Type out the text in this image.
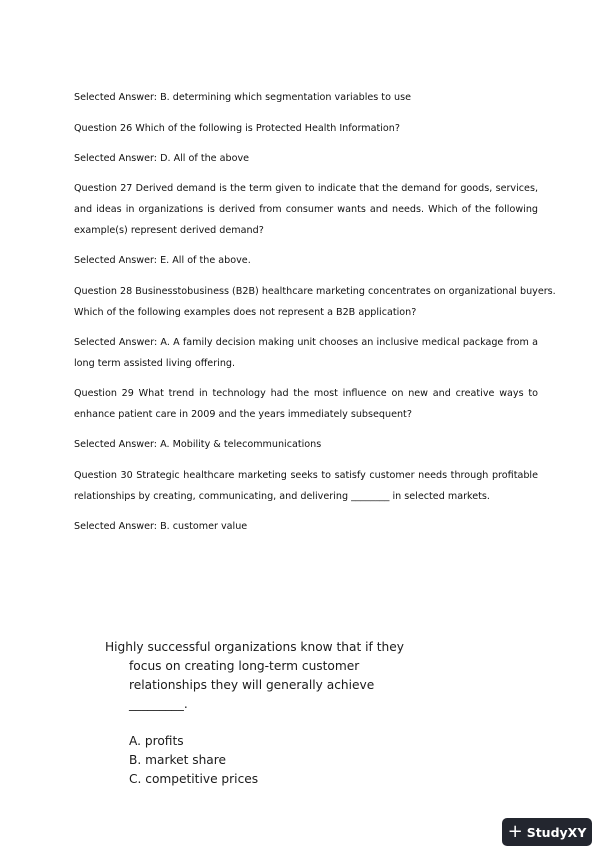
Selected Answer: B. determining which segmentation variables to use

Question 26 Which of the following is Protected Health Information?

Selected Answer: D. All of the above

Question 27 Derived demand is the term given to indicate that the demand for goods, services,
and ideas in organizations is derived from consumer wants and needs. Which of the following
example(s) represent derived demand?

Selected Answer: E. All of the above.

Question 28 Businesstobusiness (B2B) healthcare marketing concentrates on organizational buyers.
Which of the following examples does not represent a B2B application?

Selected Answer: A. A family decision making unit chooses an inclusive medical package from a
long term assisted living offering.

Question 29 What trend in technology had the most influence on new and creative ways to
enhance patient care in 2009 and the years immediately subsequent?

Selected Answer: A. Mobility & telecommunications

Question 30 Strategic healthcare marketing seeks to satisfy customer needs through profitable
relationships by creating, communicating, and delivering ________ in selected markets.

Selected Answer: B. customer value

Highly successful organizations know that if they
focus on creating long-term customer
relationships they will generally achieve
_________.
A. profits
B. market share
C. competitive prices
+ StudyXY
